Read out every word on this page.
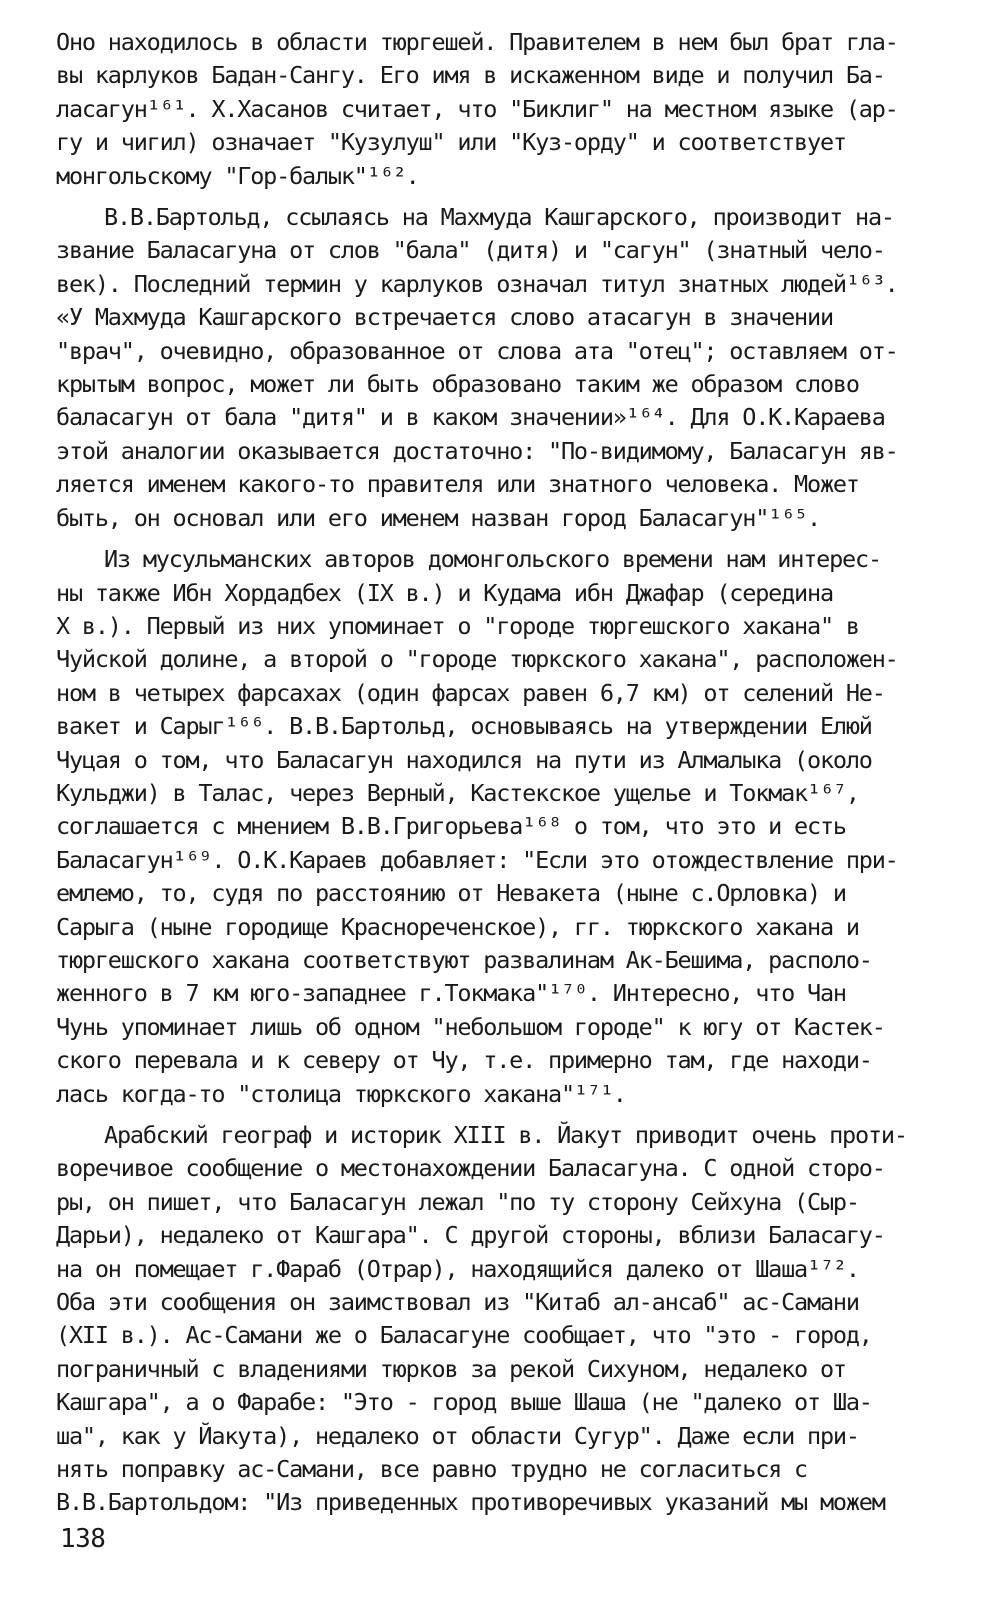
Оно находилось в области тюргешей. Правителем в нем был брат гла-
вы карлуков Бадан-Сангу. Его имя в искаженном виде и получил Ба-
ласагун¹⁶¹. Х.Хасанов считает, что "Биклиг" на местном языке (ар-
гу и чигил) означает "Кузулуш" или "Куз-орду" и соответствует
монгольскому "Гор-балык"¹⁶².

В.В.Бартольд, ссылаясь на Махмуда Кашгарского, производит на-
звание Баласагуна от слов "бала" (дитя) и "сагун" (знатный чело-
век). Последний термин у карлуков означал титул знатных людей¹⁶³.
«У Махмуда Кашгарского встречается слово атасагун в значении
"врач", очевидно, образованное от слова ата "отец"; оставляем от-
крытым вопрос, может ли быть образовано таким же образом слово
баласагун от бала "дитя" и в каком значении»¹⁶⁴. Для О.К.Караева
этой аналогии оказывается достаточно: "По-видимому, Баласагун яв-
ляется именем какого-то правителя или знатного человека. Может
быть, он основал или его именем назван город Баласагун"¹⁶⁵.

Из мусульманских авторов домонгольского времени нам интерес-
ны также Ибн Хордадбех (IX в.) и Кудама ибн Джафар (середина
X в.). Первый из них упоминает о "городе тюргешского хакана" в
Чуйской долине, а второй о "городе тюркского хакана", расположен-
ном в четырех фарсахах (один фарсах равен 6,7 км) от селений Не-
вакет и Сарыг¹⁶⁶. В.В.Бартольд, основываясь на утверждении Елюй
Чуцая о том, что Баласагун находился на пути из Алмалыка (около
Кульджи) в Талас, через Верный, Кастекское ущелье и Токмак¹⁶⁷,
соглашается с мнением В.В.Григорьева¹⁶⁸ о том, что это и есть
Баласагун¹⁶⁹. О.К.Караев добавляет: "Если это отождествление при-
емлемо, то, судя по расстоянию от Невакета (ныне с.Орловка) и
Сарыга (ныне городище Краснореченское), гг. тюркского хакана и
тюргешского хакана соответствуют развалинам Ак-Бешима, располо-
женного в 7 км юго-западнее г.Токмака"¹⁷⁰. Интересно, что Чан
Чунь упоминает лишь об одном "небольшом городе" к югу от Кастек-
ского перевала и к северу от Чу, т.е. примерно там, где находи-
лась когда-то "столица тюркского хакана"¹⁷¹.

Арабский географ и историк XIII в. Йакут приводит очень проти-
воречивое сообщение о местонахождении Баласагуна. С одной сторо-
ры, он пишет, что Баласагун лежал "по ту сторону Сейхуна (Сыр-
Дарьи), недалеко от Кашгара". С другой стороны, вблизи Баласагу-
на он помещает г.Фараб (Отрар), находящийся далеко от Шаша¹⁷².
Оба эти сообщения он заимствовал из "Китаб ал-ансаб" ас-Самани
(XII в.). Ас-Самани же о Баласагуне сообщает, что "это - город,
пограничный с владениями тюрков за рекой Сихуном, недалеко от
Кашгара", а о Фарабе: "Это - город выше Шаша (не "далеко от Ша-
ша", как у Йакута), недалеко от области Сугур". Даже если при-
нять поправку ас-Самани, все равно трудно не согласиться с
В.В.Бартольдом: "Из приведенных противоречивых указаний мы можем

138
